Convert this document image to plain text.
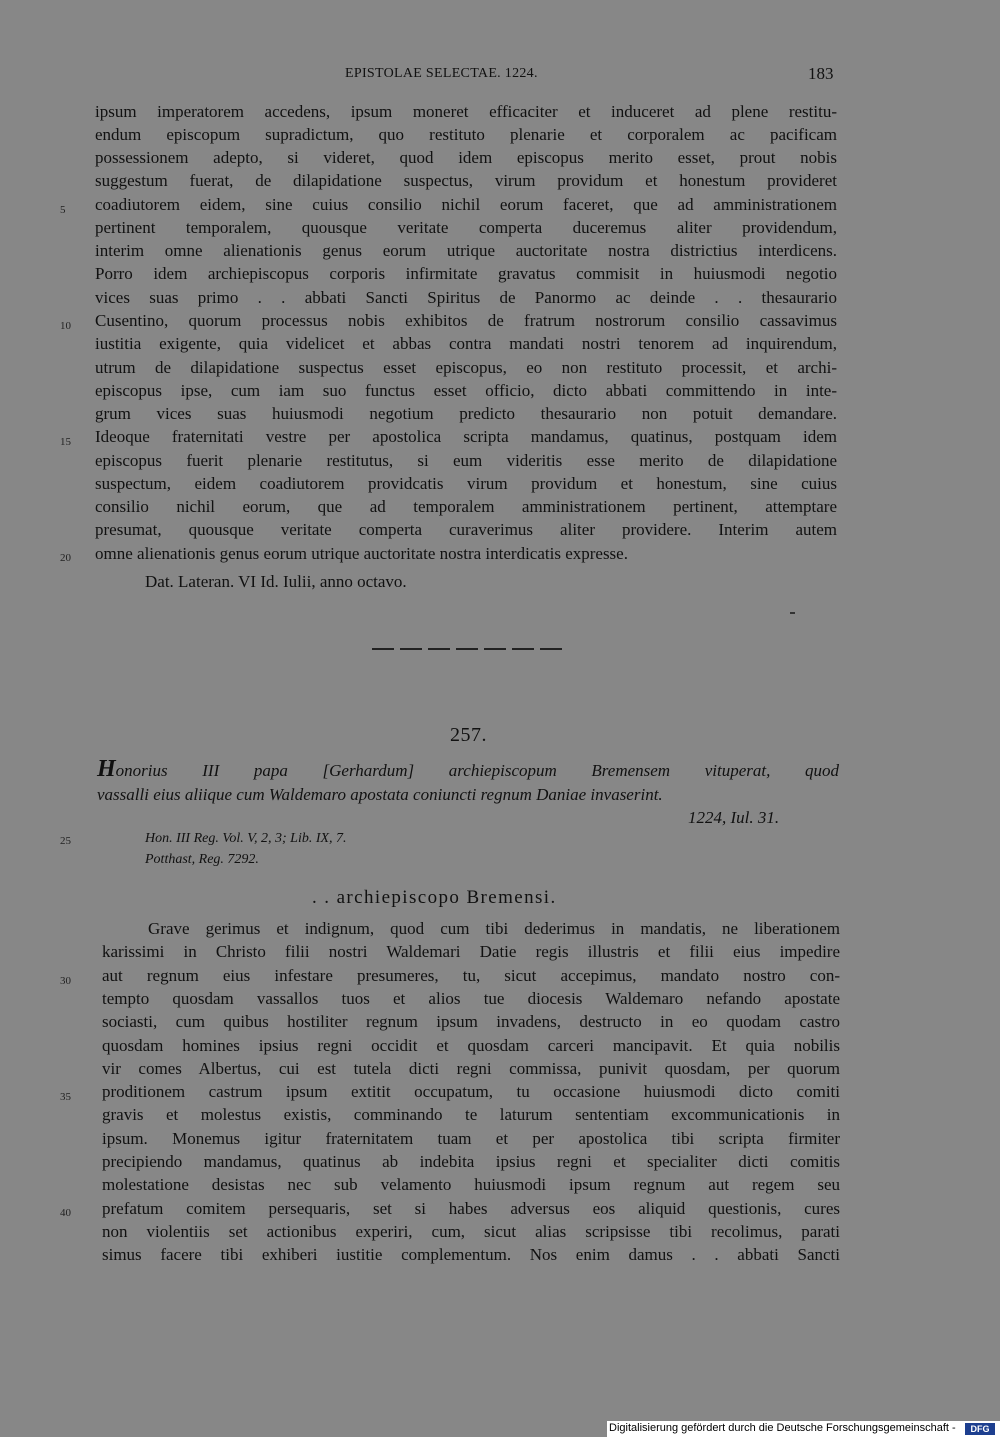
EPISTOLAE SELECTAE. 1224.	183
ipsum imperatorem accedens, ipsum moneret efficaciter et induceret ad plene restitu-
endum episcopum supradictum, quo restituto plenarie et corporalem ac pacificam
possessionem adepto, si videret, quod idem episcopus merito esset, prout nobis
suggestum fuerat, de dilapidatione suspectus, virum providum et honestum provideret
coadiutorem eidem, sine cuius consilio nichil eorum faceret, que ad amministrationem
pertinent temporalem, quousque veritate comperta duceremus aliter providendum,
interim omne alienationis genus eorum utrique auctoritate nostra districtius interdicens.
Porro idem archiepiscopus corporis infirmitate gravatus commisit in huiusmodi negotio
vices suas primo . . abbati Sancti Spiritus de Panormo ac deinde . . thesaurario
Cusentino, quorum processus nobis exhibitos de fratrum nostrorum consilio cassavimus
iustitia exigente, quia videlicet et abbas contra mandati nostri tenorem ad inquirendum,
utrum de dilapidatione suspectus esset episcopus, eo non restituto processit, et archi-
episcopus ipse, cum iam suo functus esset officio, dicto abbati committendo in inte-
grum vices suas huiusmodi negotium predicto thesaurario non potuit demandare.
Ideoque fraternitati vestre per apostolica scripta mandamus, quatinus, postquam idem
episcopus fuerit plenarie restitutus, si eum videritis esse merito de dilapidatione
suspectum, eidem coadiutorem providcatis virum providum et honestum, sine cuius
consilio nichil eorum, que ad temporalem amministrationem pertinent, attemptare
presumat, quousque veritate comperta curaverimus aliter providere. Interim autem
omne alienationis genus eorum utrique auctoritate nostra interdicatis expresse.
Dat. Lateran. VI Id. Iulii, anno octavo.
257.
Honorius III papa [Gerhardum] archiepiscopum Bremensem vituperat, quod
vassalli eius aliique cum Waldemaro apostata coniuncti regnum Daniae invaserint.
1224, Iul. 31.
Hon. III Reg. Vol. V, 2, 3; Lib. IX, 7.
Potthast, Reg. 7292.
. . archiepiscopo Bremensi.
Grave gerimus et indignum, quod cum tibi dederimus in mandatis, ne liberationem
karissimi in Christo filii nostri Waldemari Datie regis illustris et filii eius impedire
aut regnum eius infestare presumeres, tu, sicut accepimus, mandato nostro con-
tempto quosdam vassallos tuos et alios tue diocesis Waldemaro nefando apostate
sociasti, cum quibus hostiliter regnum ipsum invadens, destructo in eo quodam castro
quosdam homines ipsius regni occidit et quosdam carceri mancipavit. Et quia nobilis
vir comes Albertus, cui est tutela dicti regni commissa, punivit quosdam, per quorum
proditionem castrum ipsum extitit occupatum, tu occasione huiusmodi dicto comiti
gravis et molestus existis, comminando te laturum sententiam excommunicationis in
ipsum. Monemus igitur fraternitatem tuam et per apostolica tibi scripta firmiter
precipiendo mandamus, quatinus ab indebita ipsius regni et specialiter dicti comitis
molestatione desistas nec sub velamento huiusmodi ipsum regnum aut regem seu
prefatum comitem persequaris, set si habes adversus eos aliquid questionis, cures
non violentiis set actionibus experiri, cum, sicut alias scripsisse tibi recolimus, parati
simus facere tibi exhiberi iustitie complementum. Nos enim damus . . abbati Sancti
5
10
15
20
25
30
35
40
Digitalisierung gefördert durch die Deutsche Forschungsgemeinschaft -	DFG
